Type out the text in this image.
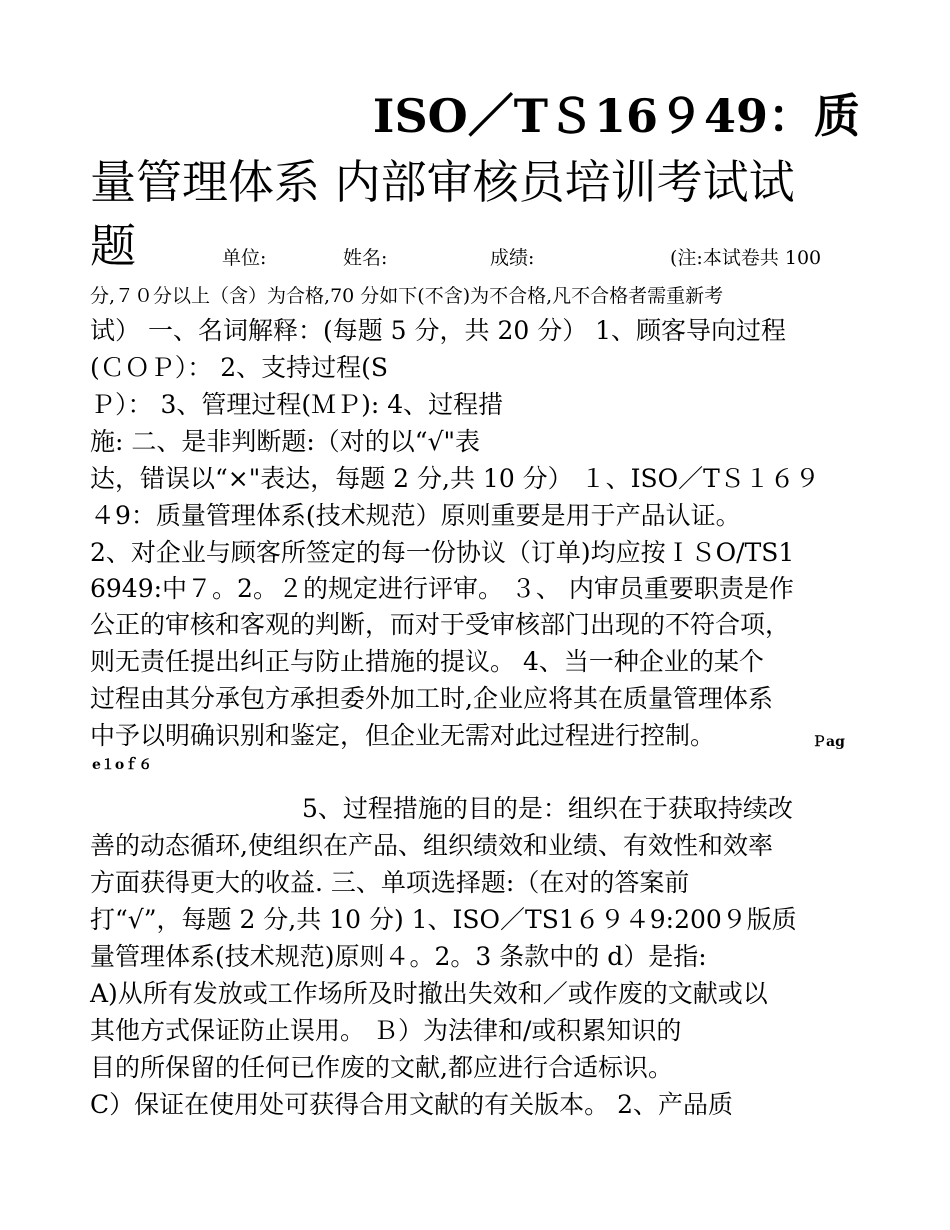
ISO／TＳ16９49：质
量管理体系 内部审核员培训考试试
题	单位:	姓名:	成绩:	(注:本试卷共 100
分,７０分以上（含）为合格,70 分如下(不含)为不合格,凡不合格者需重新考
试） 一、名词解释：(每题 5 分，共 20 分） 1、顾客导向过程
(ＣＯＰ）： 2、支持过程(S
Ｐ）： 3、管理过程(ＭＰ): 4、过程措
施: 二、是非判断题:（对的以“√"表
达，错误以“×"表达，每题 2 分,共 10 分） １、ISO／TＳ１６９
４9：质量管理体系(技术规范）原则重要是用于产品认证。
2、对企业与顾客所签定的每一份协议（订单)均应按ＩＳO/TS1
6949:中７。2。２的规定进行评审。 ３、 内审员重要职责是作
公正的审核和客观的判断，而对于受审核部门出现的不符合项，
则无责任提出纠正与防止措施的提议。 4、当一种企业的某个
过程由其分承包方承担委外加工时,企业应将其在质量管理体系
中予以明确识别和鉴定，但企业无需对此过程进行控制。	Ｐag
e１oｆ６
5、过程措施的目的是：组织在于获取持续改
善的动态循环,使组织在产品、组织绩效和业绩、有效性和效率
方面获得更大的收益. 三、单项选择题:（在对的答案前
打“√”，每题 2 分,共 10 分) 1、ISO／TS1６９４9:200９版质
量管理体系(技术规范)原则４。2。3 条款中的 d）是指:
A)从所有发放或工作场所及时撤出失效和／或作废的文献或以
其他方式保证防止误用。 Ｂ）为法律和/或积累知识的
目的所保留的任何已作废的文献,都应进行合适标识。
C）保证在使用处可获得合用文献的有关版本。 2、产品质
